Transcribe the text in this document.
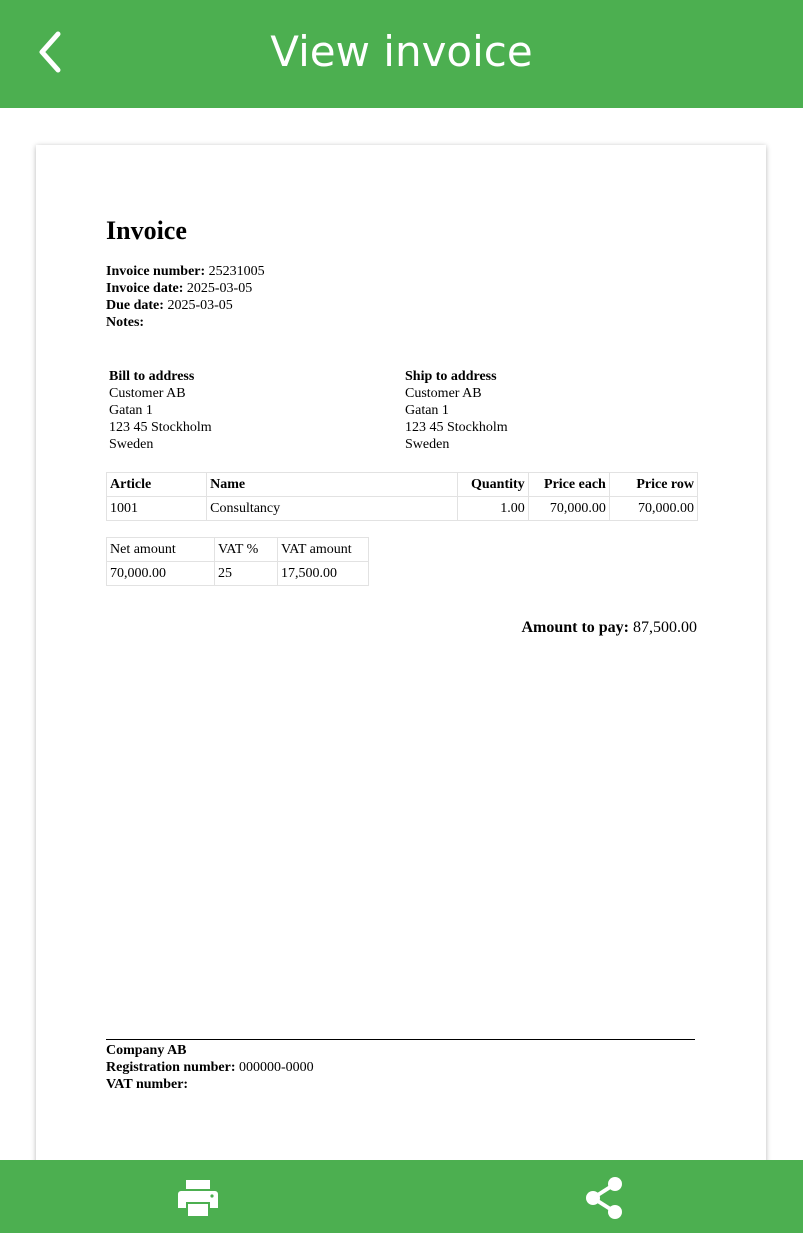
View invoice
Invoice
Invoice number: 25231005
Invoice date: 2025-03-05
Due date: 2025-03-05
Notes:
Bill to address
Customer AB
Gatan 1
123 45 Stockholm
Sweden
Ship to address
Customer AB
Gatan 1
123 45 Stockholm
Sweden
Article	Name	Quantity	Price each	Price row
1001	Consultancy	1.00	70,000.00	70,000.00
Net amount	VAT %	VAT amount
70,000.00	25	17,500.00
Amount to pay: 87,500.00
Company AB
Registration number: 000000-0000
VAT number:
